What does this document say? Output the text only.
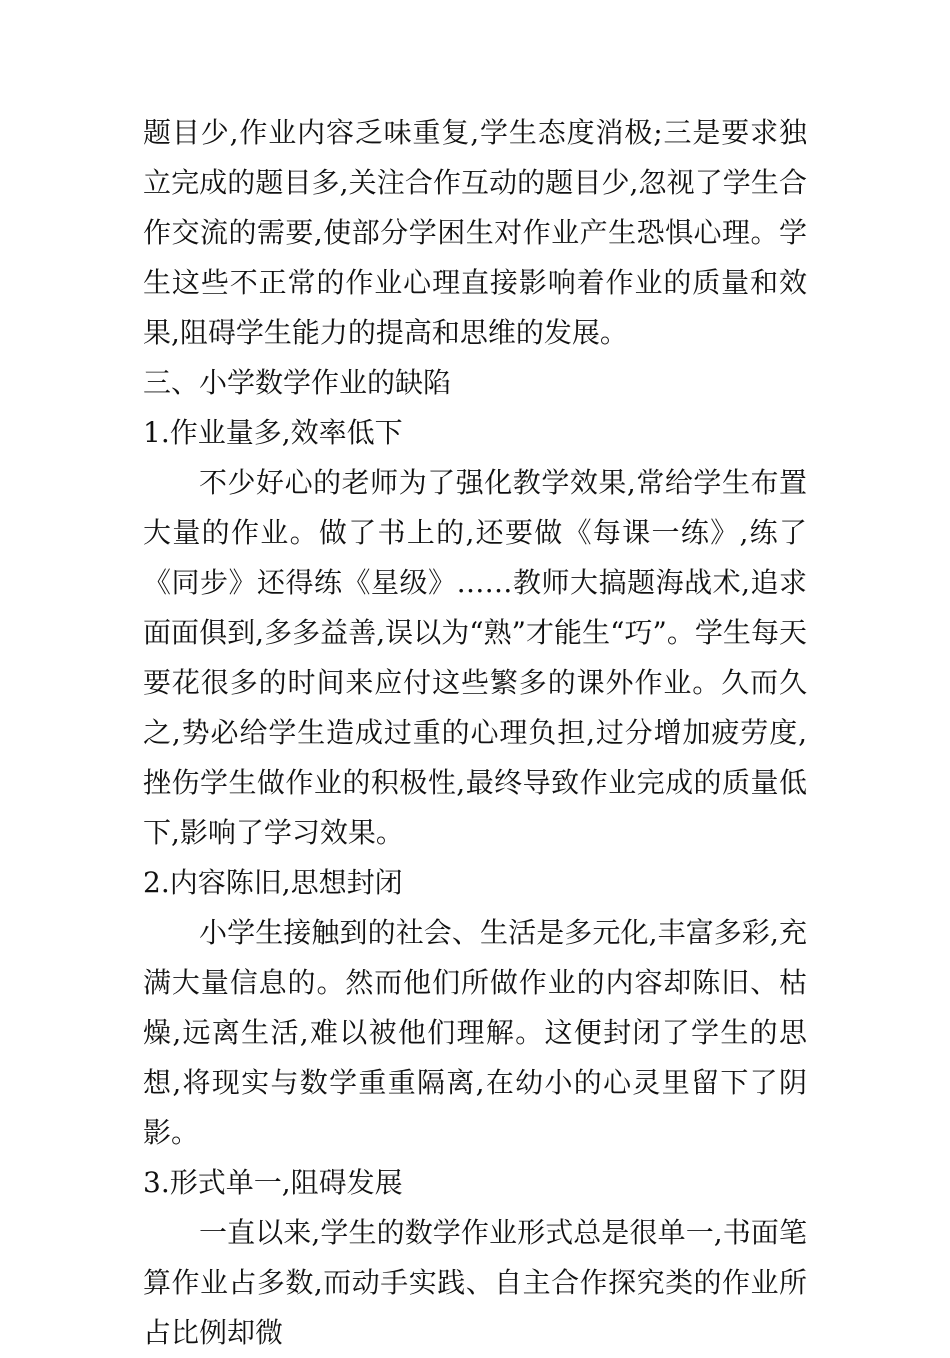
题目少,作业内容乏味重复,学生态度消极;三是要求独立完成的题目多,关注合作互动的题目少,忽视了学生合作交流的需要,使部分学困生对作业产生恐惧心理。学生这些不正常的作业心理直接影响着作业的质量和效果,阻碍学生能力的提高和思维的发展。

三、小学数学作业的缺陷

1.作业量多,效率低下

不少好心的老师为了强化教学效果,常给学生布置大量的作业。做了书上的,还要做《每课一练》,练了《同步》还得练《星级》……教师大搞题海战术,追求面面俱到,多多益善,误以为“熟”才能生“巧”。学生每天要花很多的时间来应付这些繁多的课外作业。久而久之,势必给学生造成过重的心理负担,过分增加疲劳度,挫伤学生做作业的积极性,最终导致作业完成的质量低下,影响了学习效果。

2.内容陈旧,思想封闭

小学生接触到的社会、生活是多元化,丰富多彩,充满大量信息的。然而他们所做作业的内容却陈旧、枯燥,远离生活,难以被他们理解。这便封闭了学生的思想,将现实与数学重重隔离,在幼小的心灵里留下了阴影。

3.形式单一,阻碍发展

一直以来,学生的数学作业形式总是很单一,书面笔算作业占多数,而动手实践、自主合作探究类的作业所占比例却微
